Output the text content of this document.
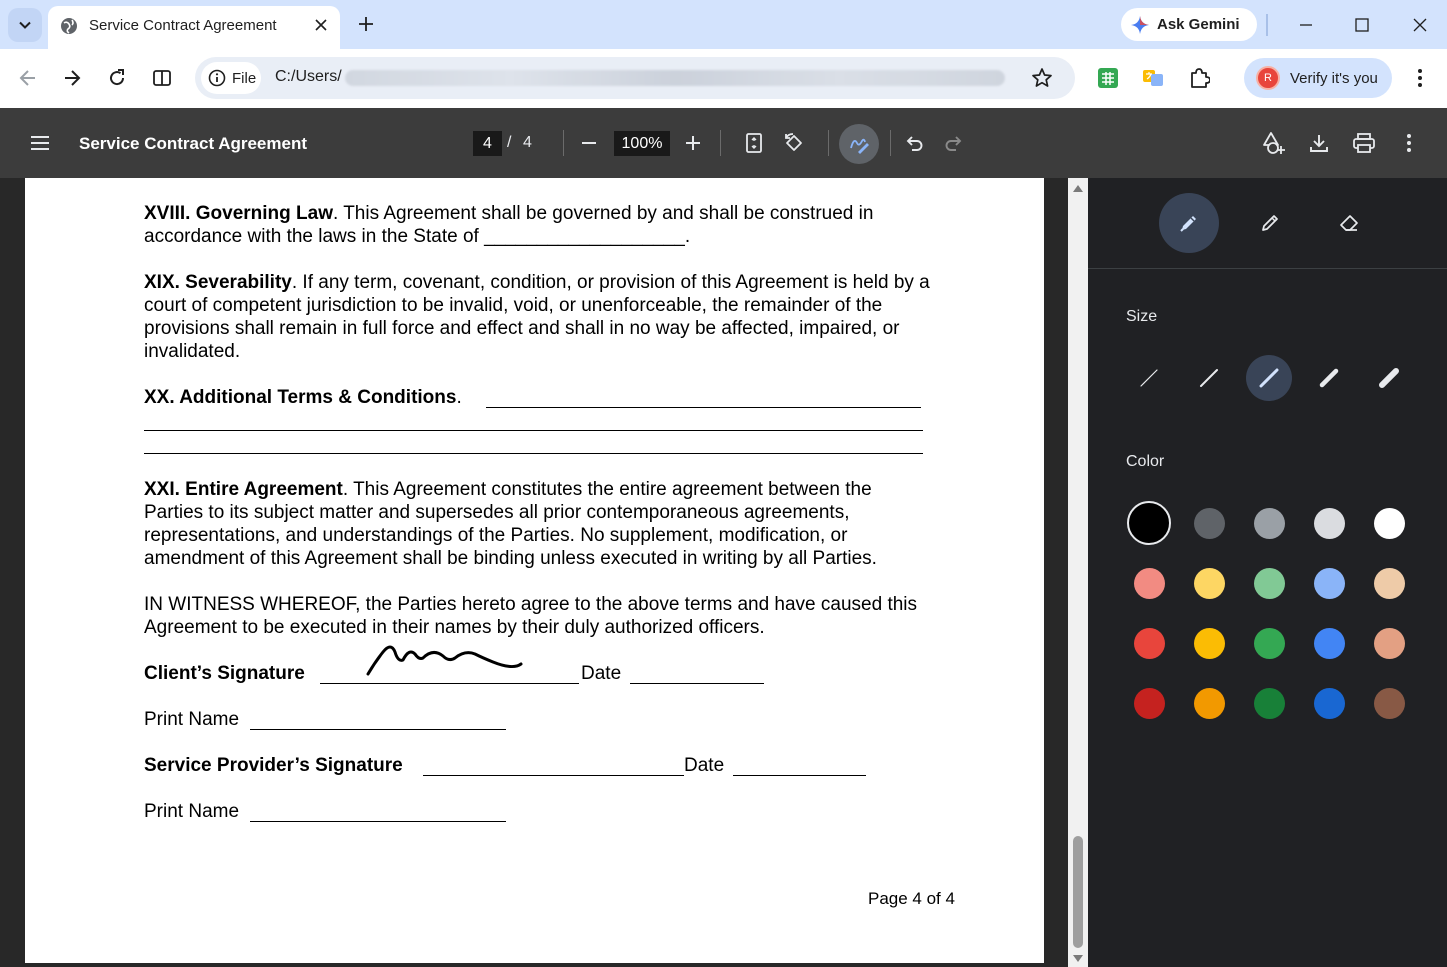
Service Contract Agreement	Ask Gemini
File C:/Users/	R Verify it's you
Service Contract Agreement	4 / 4	100%
XVIII. Governing Law. This Agreement shall be governed by and shall be construed in accordance with the laws in the State of ___________________.
XIX. Severability. If any term, covenant, condition, or provision of this Agreement is held by a court of competent jurisdiction to be invalid, void, or unenforceable, the remainder of the provisions shall remain in full force and effect and shall in no way be affected, impaired, or invalidated.
XX. Additional Terms & Conditions.
XXI. Entire Agreement. This Agreement constitutes the entire agreement between the Parties to its subject matter and supersedes all prior contemporaneous agreements, representations, and understandings of the Parties. No supplement, modification, or amendment of this Agreement shall be binding unless executed in writing by all Parties.
IN WITNESS WHEREOF, the Parties hereto agree to the above terms and have caused this Agreement to be executed in their names by their duly authorized officers.
Client’s Signature	Date
Print Name
Service Provider’s Signature	Date
Print Name
Page 4 of 4
Size
Color
